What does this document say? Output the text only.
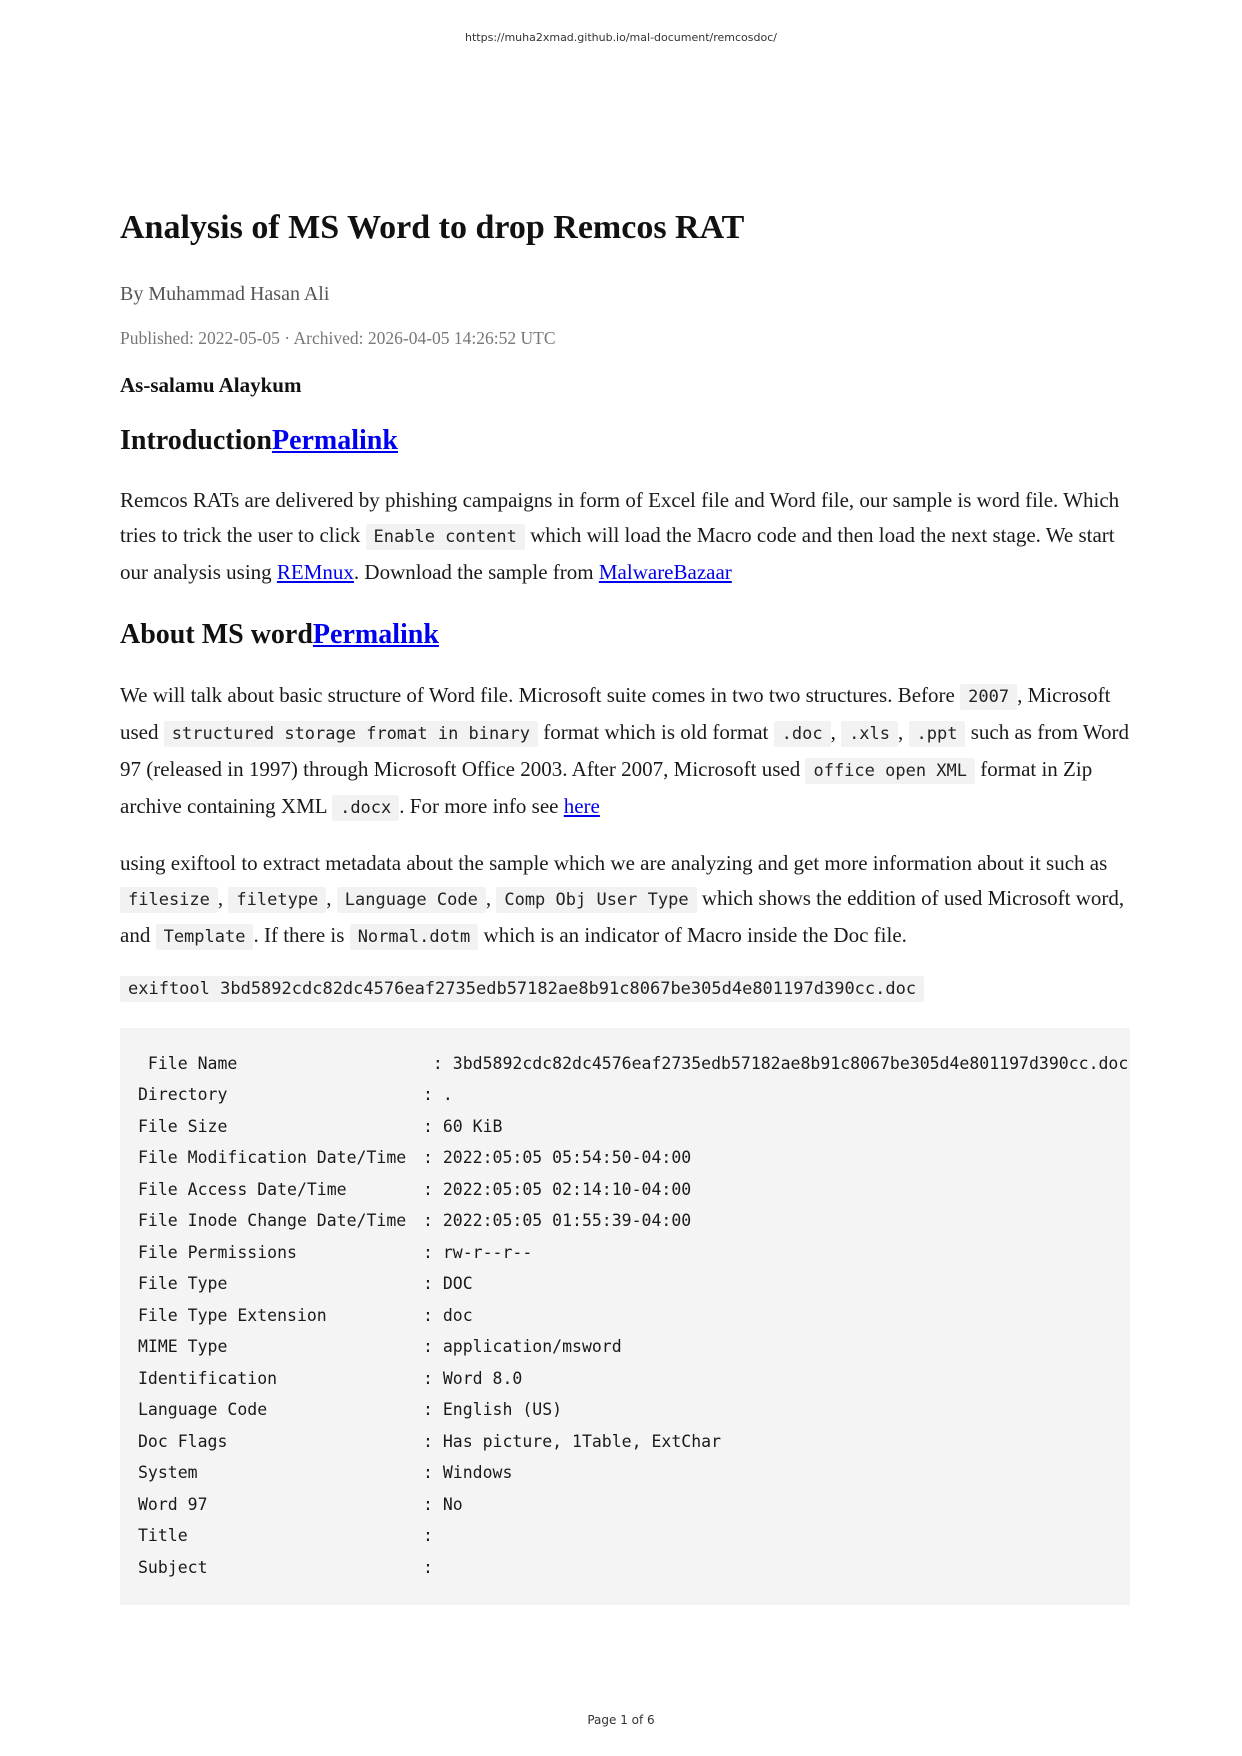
https://muha2xmad.github.io/mal-document/remcosdoc/
Analysis of MS Word to drop Remcos RAT
By Muhammad Hasan Ali
Published: 2022-05-05 · Archived: 2026-04-05 14:26:52 UTC
As-salamu Alaykum
IntroductionPermalink

Remcos RATs are delivered by phishing campaigns in form of Excel file and Word file, our sample is word file. Which tries to trick the user to click Enable content which will load the Macro code and then load the next stage. We start our analysis using REMnux. Download the sample from MalwareBazaar

About MS wordPermalink

We will talk about basic structure of Word file. Microsoft suite comes in two two structures. Before 2007 , Microsoft used structured storage fromat in binary format which is old format .doc , .xls , .ppt such as from Word 97 (released in 1997) through Microsoft Office 2003. After 2007, Microsoft used office open XML format in Zip archive containing XML .docx . For more info see here

using exiftool to extract metadata about the sample which we are analyzing and get more information about it such as filesize , filetype , Language Code , Comp Obj User Type which shows the eddition of used Microsoft word, and Template . If there is Normal.dotm which is an indicator of Macro inside the Doc file.

exiftool 3bd5892cdc82dc4576eaf2735edb57182ae8b91c8067be305d4e801197d390cc.doc
File Name	: 3bd5892cdc82dc4576eaf2735edb57182ae8b91c8067be305d4e801197d390cc.doc
Directory	: .
File Size	: 60 KiB
File Modification Date/Time : 2022:05:05 05:54:50-04:00
File Access Date/Time	: 2022:05:05 02:14:10-04:00
File Inode Change Date/Time : 2022:05:05 01:55:39-04:00
File Permissions	: rw-r--r--
File Type	: DOC
File Type Extension	: doc
MIME Type	: application/msword
Identification	: Word 8.0
Language Code	: English (US)
Doc Flags	: Has picture, 1Table, ExtChar
System	: Windows
Word 97	: No
Title	:
Subject	:
Page 1 of 6
